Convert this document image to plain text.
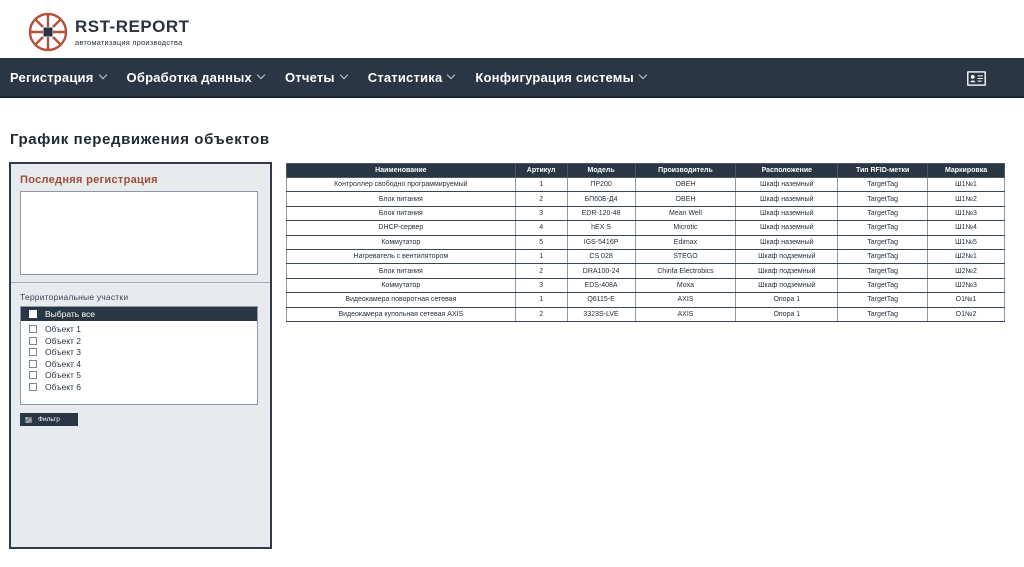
RST-REPORT
автоматизация производства
Регистрация	Обработка данных	Отчеты	Статистика	Конфигурация системы
График передвижения объектов
Последняя регистрация
Территориальные участки
Выбрать все
Объект 1
Объект 2
Объект 3
Объект 4
Объект 5
Объект 6
Фильтр
Наименование	Артикул	Модель	Производитель	Расположение	Тип RFID-метки	Маркировка
Контроллер свободно программируемый	1	ПР200	ОВЕН	Шкаф наземный	TargetTag	Ш1№1
Блок питания	2	БП60Б-Д4	ОВЕН	Шкаф наземный	TargetTag	Ш1№2
Блок питания	3	EDR-120-48	Mean Well	Шкаф наземный	TargetTag	Ш1№3
DHCP-сервер	4	hEX S	Microtic	Шкаф наземный	TargetTag	Ш1№4
Коммутатор	5	IGS-5416P	Edimax	Шкаф наземный	TargetTag	Ш1№5
Нагреватель с вентилятором	1	CS 028	STEGO	Шкаф подземный	TargetTag	Ш2№1
Блок питания	2	DRA100-24	Chinfa Electrobics	Шкаф подземный	TargetTag	Ш2№2
Коммутатор	3	EDS-408A	Moxa	Шкаф подземный	TargetTag	Ш2№3
Видеокамера поворотная сетевая	1	Q6115-E	AXIS	Опора 1	TargetTag	О1№1
Видеокамера купольная сетевая AXIS	2	3323S-LVE	AXIS	Опора 1	TargetTag	О1№2
